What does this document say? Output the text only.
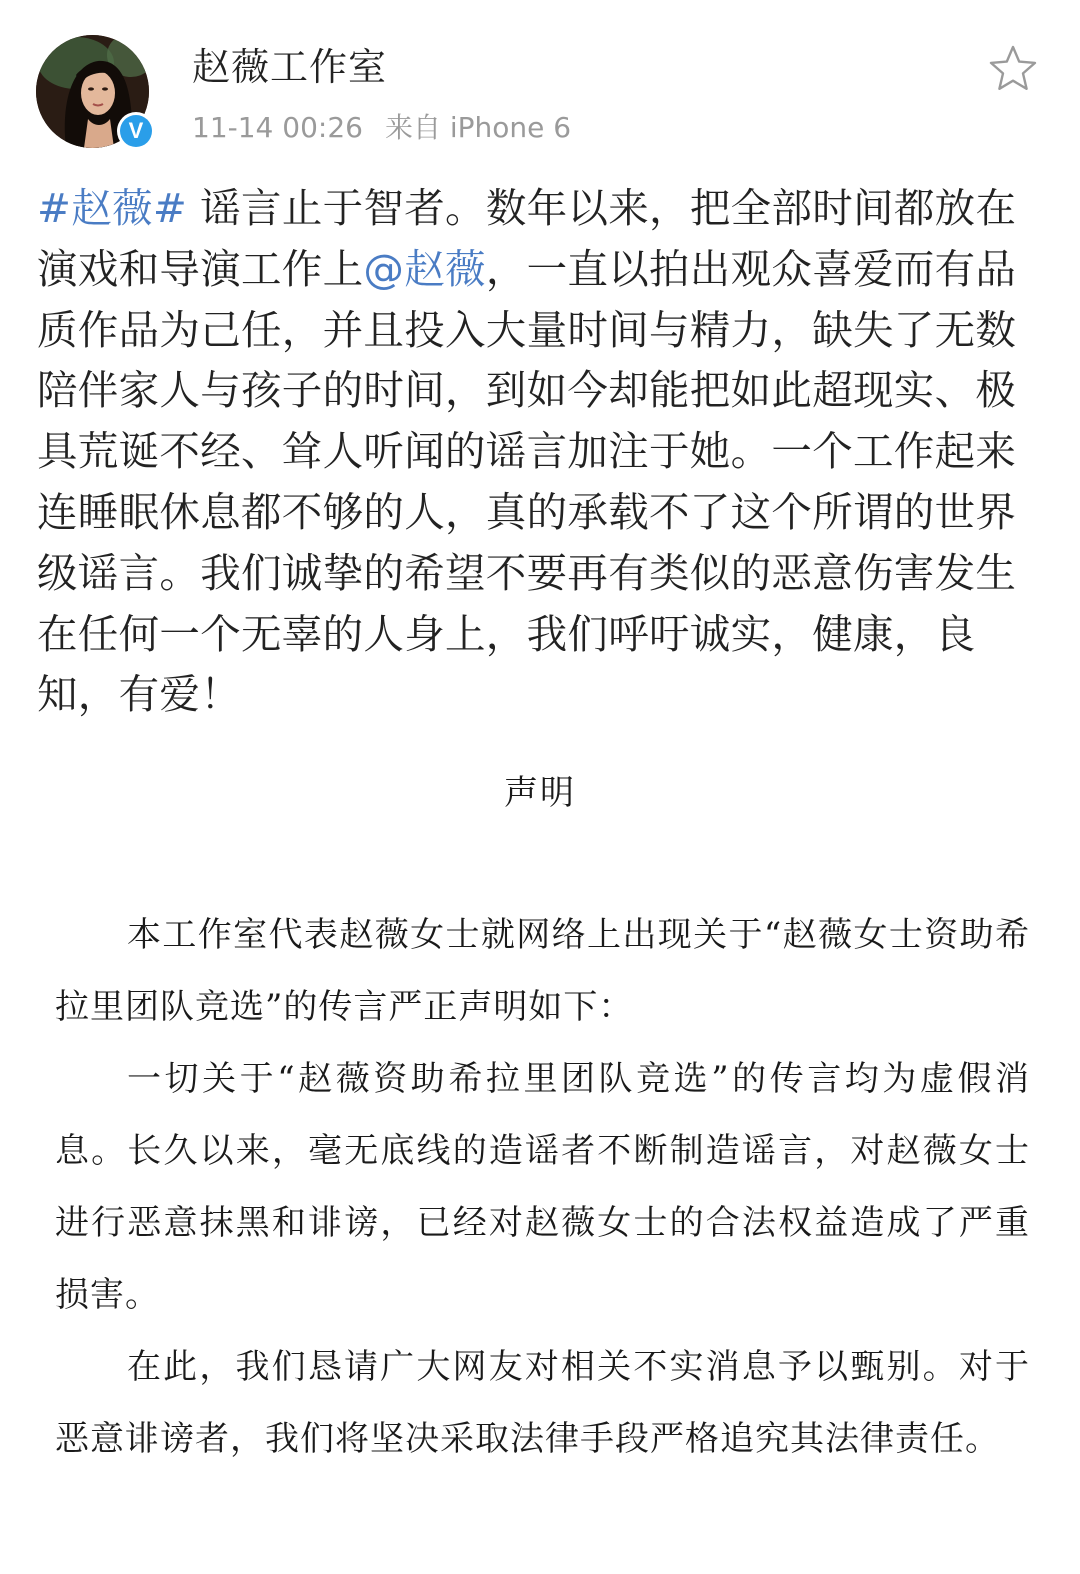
V
赵薇工作室
11-14 00:26 来自 iPhone 6
#赵薇# 谣言止于智者。数年以来，把全部时间都放在演戏和导演工作上@赵薇，一直以拍出观众喜爱而有品质作品为己任，并且投入大量时间与精力，缺失了无数陪伴家人与孩子的时间，到如今却能把如此超现实、极具荒诞不经、耸人听闻的谣言加注于她。一个工作起来连睡眠休息都不够的人，真的承载不了这个所谓的世界级谣言。我们诚挚的希望不要再有类似的恶意伤害发生在任何一个无辜的人身上，我们呼吁诚实，健康，良知，有爱！
声明
本工作室代表赵薇女士就网络上出现关于“赵薇女士资助希拉里团队竞选”的传言严正声明如下：
一切关于“赵薇资助希拉里团队竞选”的传言均为虚假消息。长久以来，毫无底线的造谣者不断制造谣言，对赵薇女士进行恶意抹黑和诽谤，已经对赵薇女士的合法权益造成了严重损害。
在此，我们恳请广大网友对相关不实消息予以甄别。对于恶意诽谤者，我们将坚决采取法律手段严格追究其法律责任。
